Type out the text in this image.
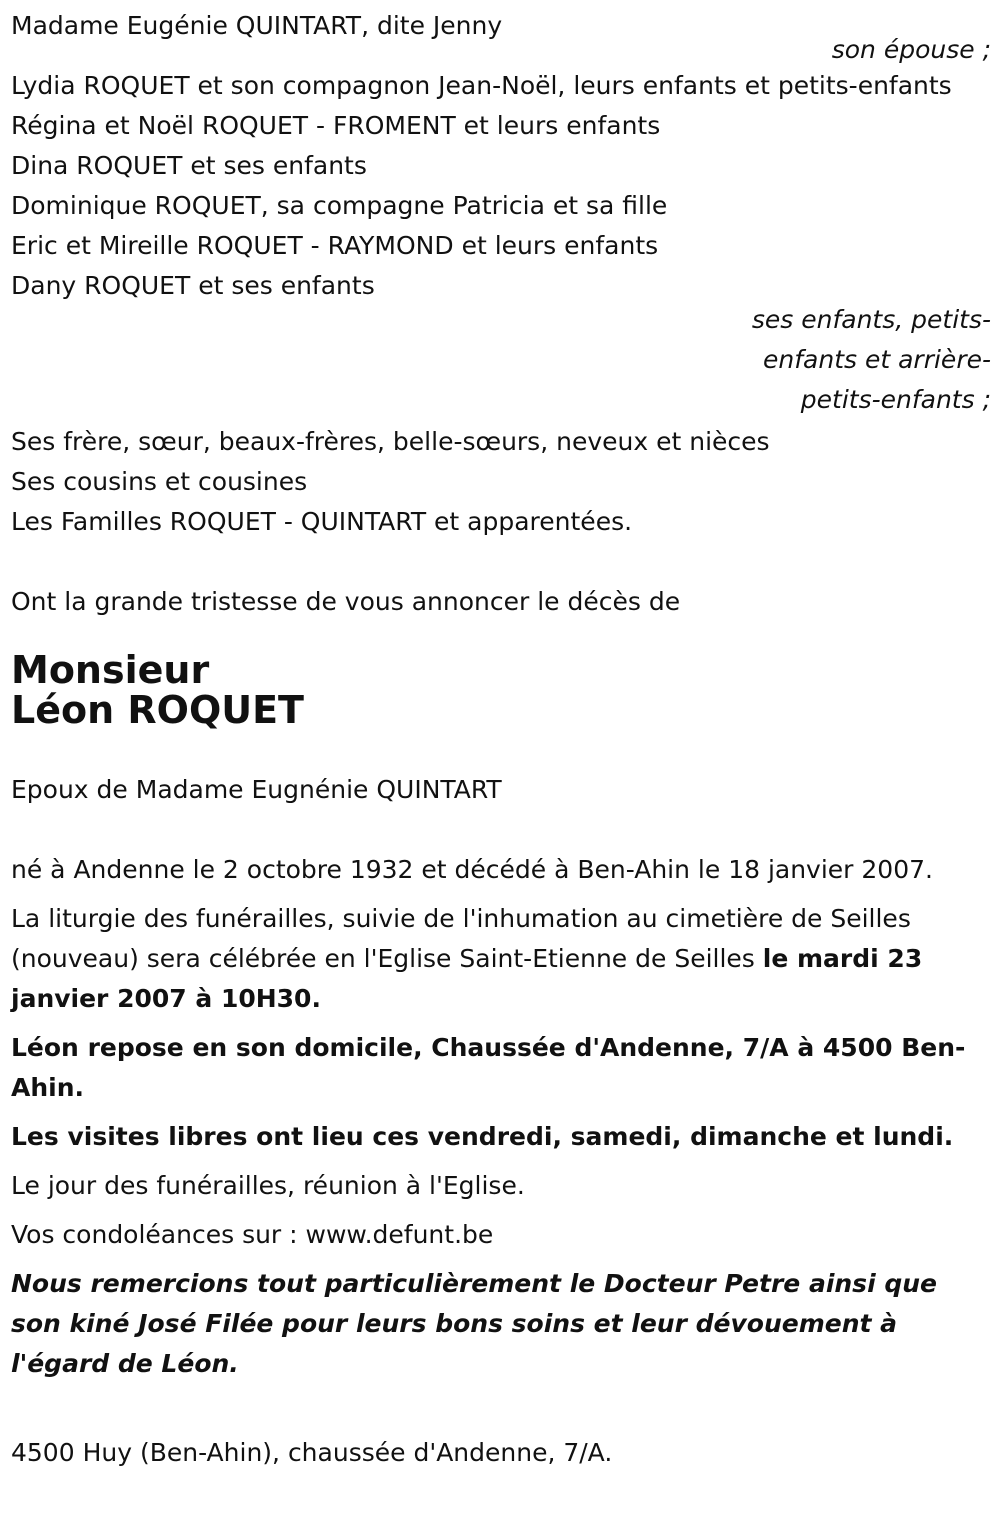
Madame Eugénie QUINTART, dite Jenny

son épouse ;

Lydia ROQUET et son compagnon Jean-Noël, leurs enfants et petits-enfants

Régina et Noël ROQUET - FROMENT et leurs enfants

Dina ROQUET et ses enfants

Dominique ROQUET, sa compagne Patricia et sa fille

Eric et Mireille ROQUET - RAYMOND et leurs enfants

Dany ROQUET et ses enfants

ses enfants, petits-
enfants et arrière-
petits-enfants ;

Ses frère, sœur, beaux-frères, belle-sœurs, neveux et nièces

Ses cousins et cousines

Les Familles ROQUET - QUINTART et apparentées.

Ont la grande tristesse de vous annoncer le décès de

Monsieur
Léon ROQUET

Epoux de Madame Eugnénie QUINTART

né à Andenne le 2 octobre 1932 et décédé à Ben-Ahin le 18 janvier 2007.

La liturgie des funérailles, suivie de l'inhumation au cimetière de Seilles (nouveau) sera célébrée en l'Eglise Saint-Etienne de Seilles le mardi 23 janvier 2007 à 10H30.

Léon repose en son domicile, Chaussée d'Andenne, 7/A à 4500 Ben-Ahin.

Les visites libres ont lieu ces vendredi, samedi, dimanche et lundi.

Le jour des funérailles, réunion à l'Eglise.

Vos condoléances sur : www.defunt.be

Nous remercions tout particulièrement le Docteur Petre ainsi que son kiné José Filée pour leurs bons soins et leur dévouement à l'égard de Léon.

4500 Huy (Ben-Ahin), chaussée d'Andenne, 7/A.
